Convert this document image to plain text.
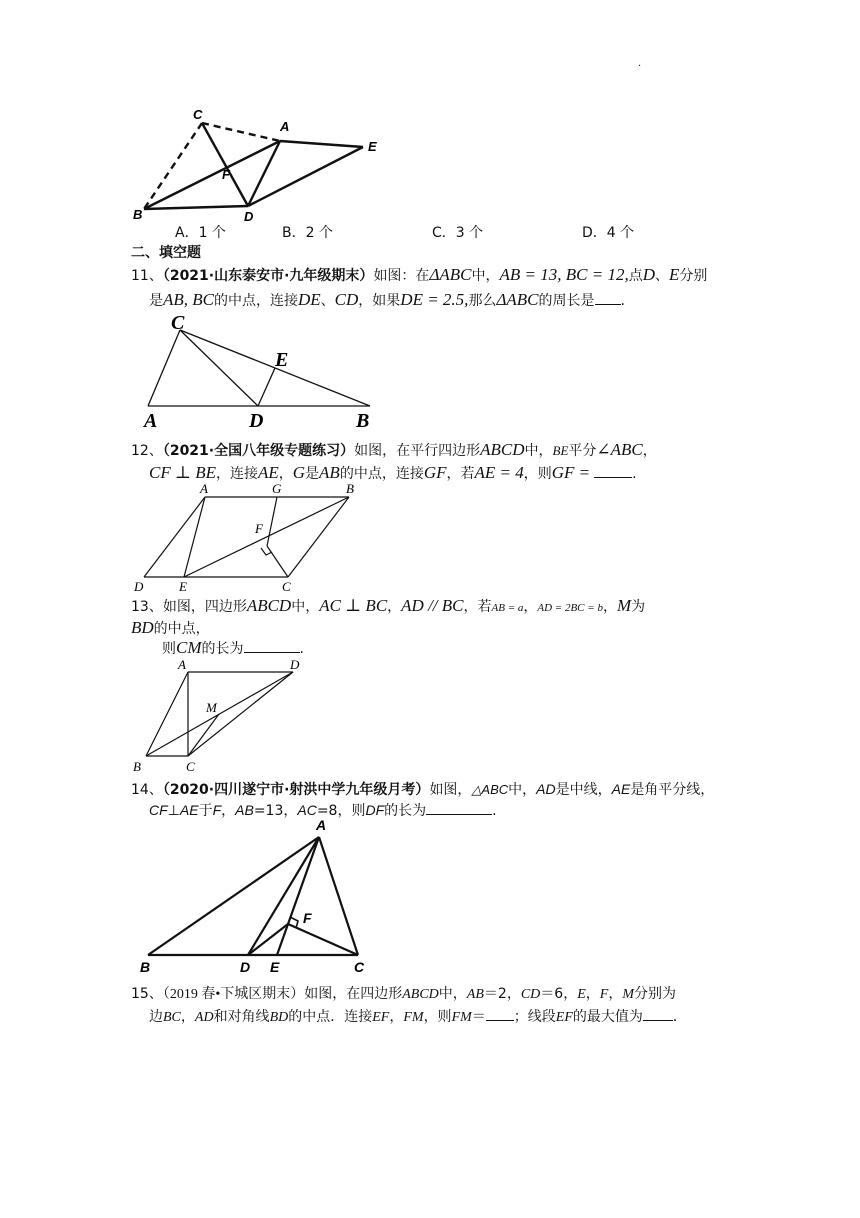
.
C
A
E
F
B	D
A．1 个	B．2 个	C．3 个	D．4 个
二、填空题
11、（2021·山东泰安市·九年级期末）如图：在ΔABC中，AB = 13, BC = 12,点D、E分别
是AB, BC的中点，连接DE、CD，如果DE = 2.5,那么ΔABC的周长是 .
C
E
A	D	B
12、（2021·全国八年级专题练习）如图，在平行四边形ABCD中，BE平分∠ABC，
CF ⊥ BE，连接AE，G是AB的中点，连接GF，若AE = 4，则GF =	.
A	G	B
F
D	E	C
13、如图，四边形ABCD中，AC ⊥ BC，AD // BC，若AB = a，AD = 2BC = b，M为
BD的中点，
则CM的长为	.
A	D
M
B	C
14、（2020·四川遂宁市·射洪中学九年级月考）如图，△ABC中，AD是中线，AE是角平分线，
CF⊥AE于F，AB=13，AC=8，则DF的长为	.
A
F
B	D E	C
15、（2019 春•下城区期末）如图，在四边形ABCD中，AB＝2，CD＝6，E，F，M分别为
边BC，AD和对角线BD的中点．连接EF，FM，则FM＝ ；线段EF的最大值为 ．
